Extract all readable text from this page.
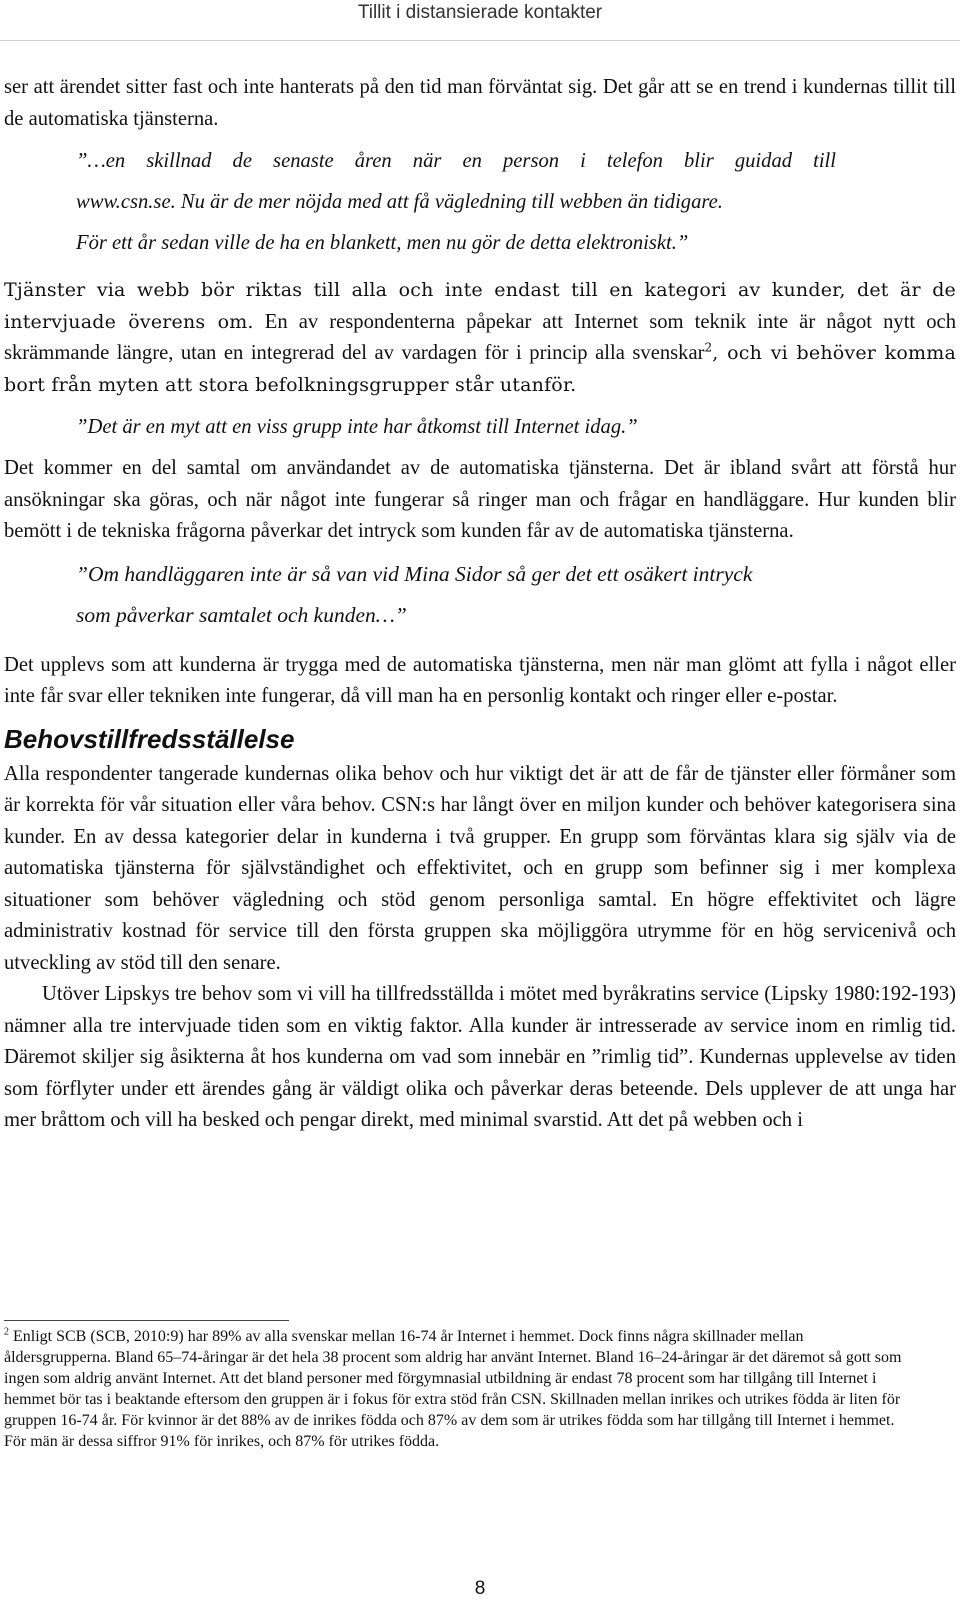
Tillit i distansierade kontakter

ser att ärendet sitter fast och inte hanterats på den tid man förväntat sig. Det går att se en trend i kundernas tillit till de automatiska tjänsterna.

”…en skillnad de senaste åren när en person i telefon blir guidad till
www.csn.se. Nu är de mer nöjda med att få vägledning till webben än tidigare.
För ett år sedan ville de ha en blankett, men nu gör de detta elektroniskt.”

Tjänster via webb bör riktas till alla och inte endast till en kategori av kunder, det är de intervjuade överens om. En av respondenterna påpekar att Internet som teknik inte är något nytt och skrämmande längre, utan en integrerad del av vardagen för i princip alla svenskar$^2$, och vi behöver komma bort från myten att stora befolkningsgrupper står utanför.

”Det är en myt att en viss grupp inte har åtkomst till Internet idag.”

Det kommer en del samtal om användandet av de automatiska tjänsterna. Det är ibland svårt att förstå hur ansökningar ska göras, och när något inte fungerar så ringer man och frågar en handläggare. Hur kunden blir bemött i de tekniska frågorna påverkar det intryck som kunden får av de automatiska tjänsterna.

”Om handläggaren inte är så van vid Mina Sidor så ger det ett osäkert intryck
som påverkar samtalet och kunden…”

Det upplevs som att kunderna är trygga med de automatiska tjänsterna, men när man glömt att fylla i något eller inte får svar eller tekniken inte fungerar, då vill man ha en personlig kontakt och ringer eller e-postar.

Behovstillfredsställelse

Alla respondenter tangerade kundernas olika behov och hur viktigt det är att de får de tjänster eller förmåner som är korrekta för vår situation eller våra behov. CSN:s har långt över en miljon kunder och behöver kategorisera sina kunder. En av dessa kategorier delar in kunderna i två grupper. En grupp som förväntas klara sig själv via de automatiska tjänsterna för självständighet och effektivitet, och en grupp som befinner sig i mer komplexa situationer som behöver vägledning och stöd genom personliga samtal. En högre effektivitet och lägre administrativ kostnad för service till den första gruppen ska möjliggöra utrymme för en hög servicenivå och utveckling av stöd till den senare.

Utöver Lipskys tre behov som vi vill ha tillfredsställda i mötet med byråkratins service (Lipsky 1980:192-193) nämner alla tre intervjuade tiden som en viktig faktor. Alla kunder är intresserade av service inom en rimlig tid. Däremot skiljer sig åsikterna åt hos kunderna om vad som innebär en ”rimlig tid”. Kundernas upplevelse av tiden som förflyter under ett ärendes gång är väldigt olika och påverkar deras beteende. Dels upplever de att unga har mer bråttom och vill ha besked och pengar direkt, med minimal svarstid. Att det på webben och i

$^2$ Enligt SCB (SCB, 2010:9) har 89% av alla svenskar mellan 16-74 år Internet i hemmet. Dock finns några skillnader mellan åldersgrupperna. Bland 65–74-åringar är det hela 38 procent som aldrig har använt Internet. Bland 16–24-åringar är det däremot så gott som ingen som aldrig använt Internet. Att det bland personer med förgymnasial utbildning är endast 78 procent som har tillgång till Internet i hemmet bör tas i beaktande eftersom den gruppen är i fokus för extra stöd från CSN. Skillnaden mellan inrikes och utrikes födda är liten för gruppen 16-74 år. För kvinnor är det 88% av de inrikes födda och 87% av dem som är utrikes födda som har tillgång till Internet i hemmet. För män är dessa siffror 91% för inrikes, och 87% för utrikes födda.
8
